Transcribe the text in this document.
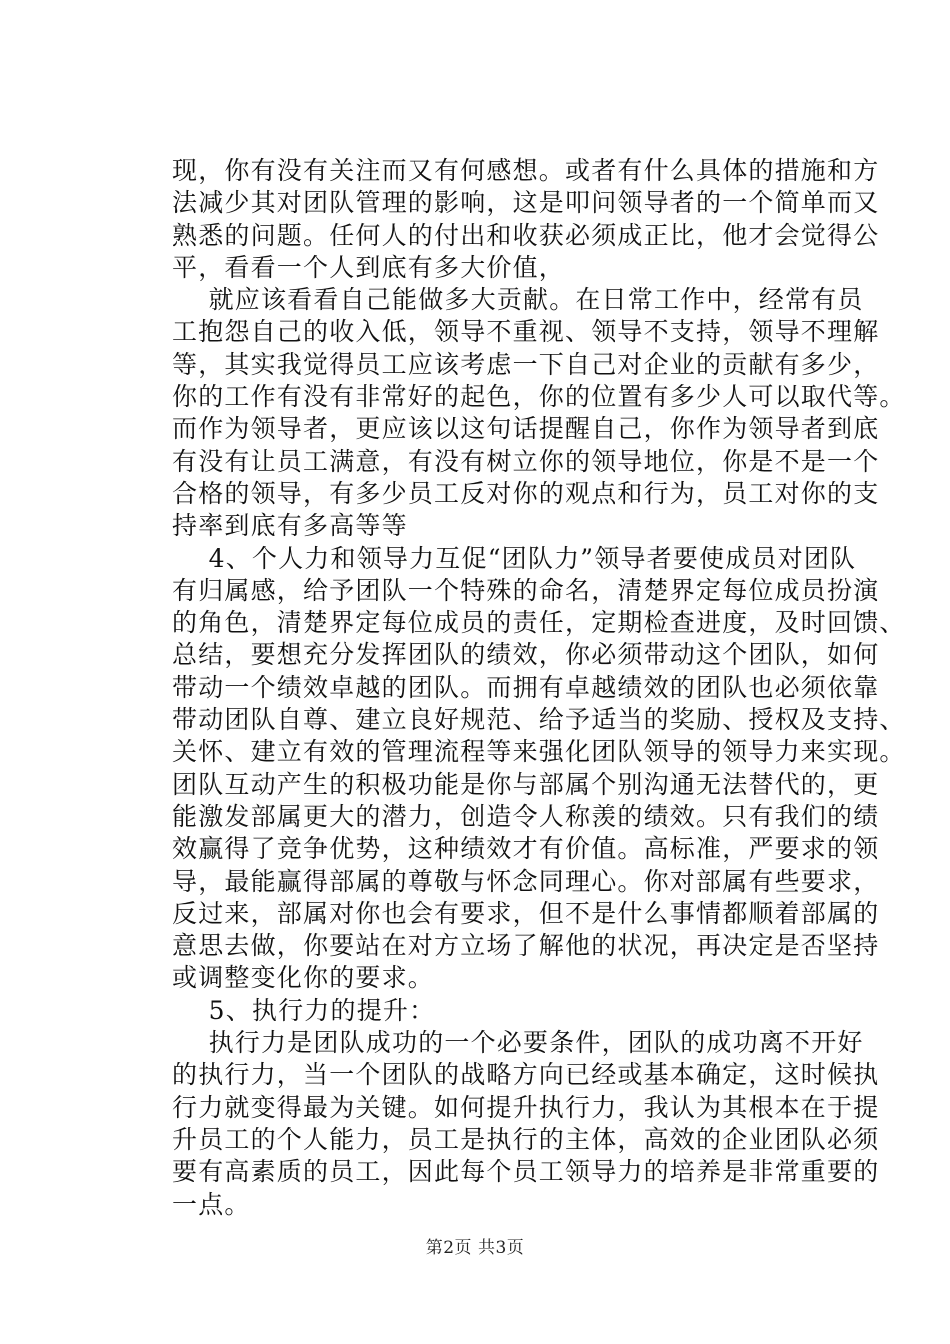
现，你有没有关注而又有何感想。或者有什么具体的措施和方
法减少其对团队管理的影响，这是叩问领导者的一个简单而又
熟悉的问题。任何人的付出和收获必须成正比，他才会觉得公
平，看看一个人到底有多大价值，
就应该看看自己能做多大贡献。在日常工作中，经常有员
工抱怨自己的收入低，领导不重视、领导不支持，领导不理解
等，其实我觉得员工应该考虑一下自己对企业的贡献有多少，
你的工作有没有非常好的起色，你的位置有多少人可以取代等。
而作为领导者，更应该以这句话提醒自己，你作为领导者到底
有没有让员工满意，有没有树立你的领导地位，你是不是一个
合格的领导，有多少员工反对你的观点和行为，员工对你的支
持率到底有多高等等
4、个人力和领导力互促“团队力”领导者要使成员对团队
有归属感，给予团队一个特殊的命名，清楚界定每位成员扮演
的角色，清楚界定每位成员的责任，定期检查进度，及时回馈、
总结，要想充分发挥团队的绩效，你必须带动这个团队，如何
带动一个绩效卓越的团队。而拥有卓越绩效的团队也必须依靠
带动团队自尊、建立良好规范、给予适当的奖励、授权及支持、
关怀、建立有效的管理流程等来强化团队领导的领导力来实现。
团队互动产生的积极功能是你与部属个别沟通无法替代的，更
能激发部属更大的潜力，创造令人称羡的绩效。只有我们的绩
效赢得了竞争优势，这种绩效才有价值。高标准，严要求的领
导，最能赢得部属的尊敬与怀念同理心。你对部属有些要求，
反过来，部属对你也会有要求，但不是什么事情都顺着部属的
意思去做，你要站在对方立场了解他的状况，再决定是否坚持
或调整变化你的要求。
5、执行力的提升：
执行力是团队成功的一个必要条件，团队的成功离不开好
的执行力，当一个团队的战略方向已经或基本确定，这时候执
行力就变得最为关键。如何提升执行力，我认为其根本在于提
升员工的个人能力，员工是执行的主体，高效的企业团队必须
要有高素质的员工，因此每个员工领导力的培养是非常重要的
一点。
第2页 共3页
